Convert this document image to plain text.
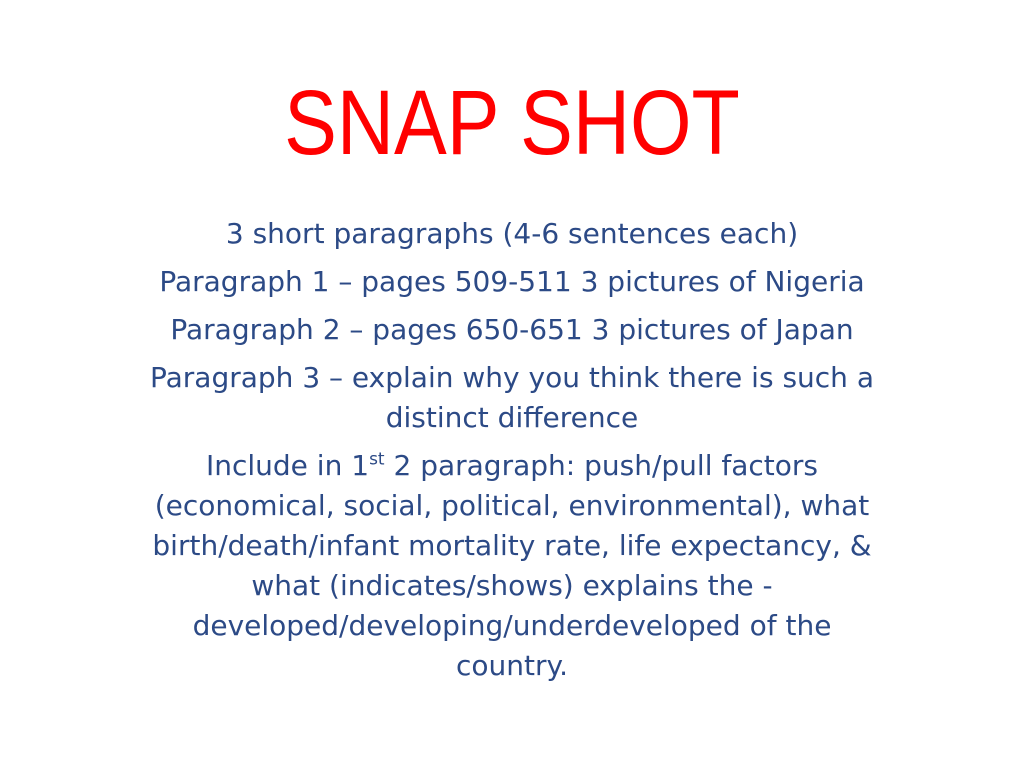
SNAP SHOT
3 short paragraphs (4-6 sentences each)
Paragraph 1 – pages 509-511 3 pictures of Nigeria
Paragraph 2 – pages 650-651 3 pictures of Japan
Paragraph 3 – explain why you think there is such a
distinct difference
Include in 1st 2 paragraph: push/pull factors
(economical, social, political, environmental), what
birth/death/infant mortality rate, life expectancy, &
what (indicates/shows) explains the -
developed/developing/underdeveloped of the
country.
